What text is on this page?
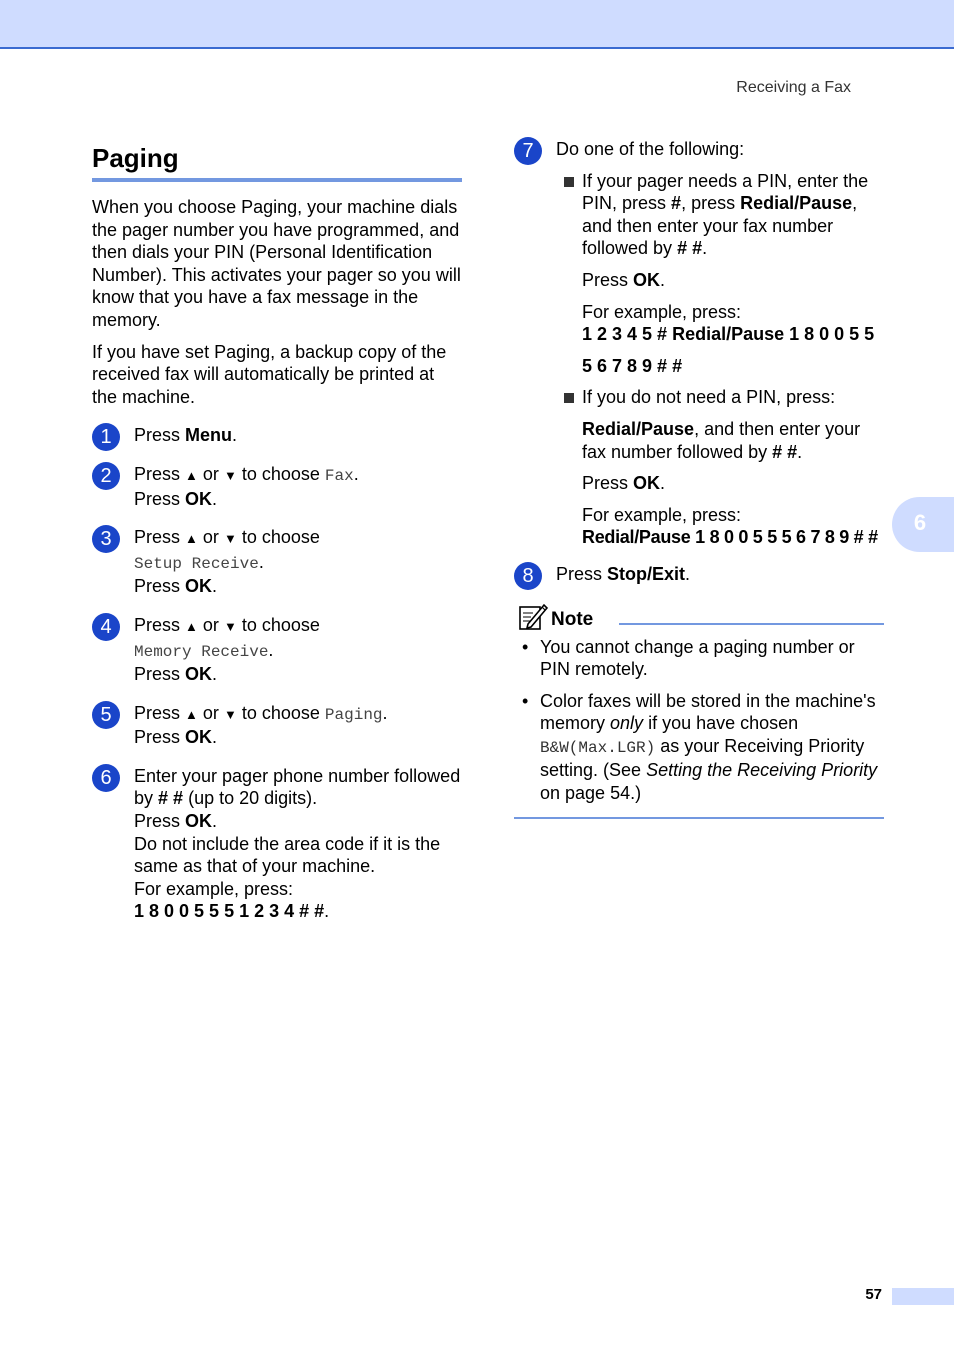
Receiving a Fax
6
57
Paging

When you choose Paging, your machine dials the pager number you have programmed, and then dials your PIN (Personal Identification Number). This activates your pager so you will know that you have a fax message in the memory.

If you have set Paging, a backup copy of the received fax will automatically be printed at the machine.

1	Press Menu.
2	Press ▲ or ▼ to choose Fax.
Press OK.
3	Press ▲ or ▼ to choose
Setup Receive.
Press OK.
4	Press ▲ or ▼ to choose
Memory Receive.
Press OK.
5	Press ▲ or ▼ to choose Paging.
Press OK.
6	Enter your pager phone number followed by # # (up to 20 digits).
Press OK.
Do not include the area code if it is the same as that of your machine.
For example, press:
1 8 0 0 5 5 5 1 2 3 4 # #.
7	Do one of the following:
If your pager needs a PIN, enter the PIN, press #, press Redial/Pause, and then enter your fax number followed by # #.

Press OK.

For example, press:
1 2 3 4 5 # Redial/Pause 1 8 0 0 5 5

5 6 7 8 9 # #

If you do not need a PIN, press:

Redial/Pause, and then enter your fax number followed by # #.

Press OK.

For example, press:
Redial/Pause 1 8 0 0 5 5 5 6 7 8 9 # #

8	Press Stop/Exit.
Note
• You cannot change a paging number or PIN remotely.
• Color faxes will be stored in the machine's memory only if you have chosen B&W(Max.LGR) as your Receiving Priority setting. (See Setting the Receiving Priority on page 54.)
